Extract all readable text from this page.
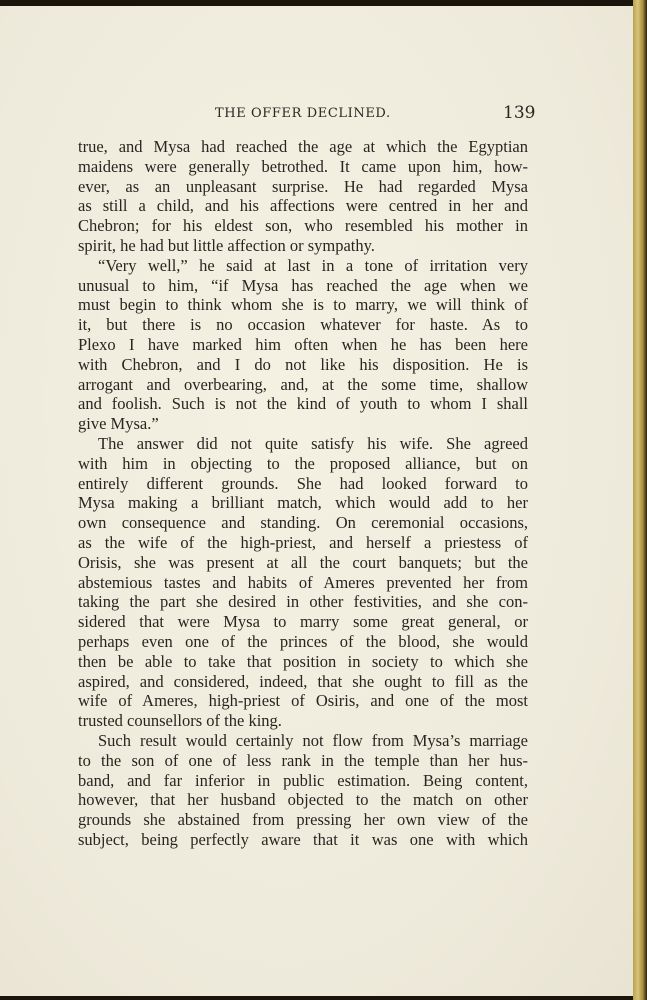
THE OFFER DECLINED.	139
true, and Mysa had reached the age at which the Egyptian
maidens were generally betrothed. It came upon him, how-
ever, as an unpleasant surprise. He had regarded Mysa
as still a child, and his affections were centred in her and
Chebron; for his eldest son, who resembled his mother in
spirit, he had but little affection or sympathy.
“Very well,” he said at last in a tone of irritation very
unusual to him, “if Mysa has reached the age when we
must begin to think whom she is to marry, we will think of
it, but there is no occasion whatever for haste. As to
Plexo I have marked him often when he has been here
with Chebron, and I do not like his disposition. He is
arrogant and overbearing, and, at the some time, shallow
and foolish. Such is not the kind of youth to whom I shall
give Mysa.”
The answer did not quite satisfy his wife. She agreed
with him in objecting to the proposed alliance, but on
entirely different grounds. She had looked forward to
Mysa making a brilliant match, which would add to her
own consequence and standing. On ceremonial occasions,
as the wife of the high-priest, and herself a priestess of
Orisis, she was present at all the court banquets; but the
abstemious tastes and habits of Ameres prevented her from
taking the part she desired in other festivities, and she con-
sidered that were Mysa to marry some great general, or
perhaps even one of the princes of the blood, she would
then be able to take that position in society to which she
aspired, and considered, indeed, that she ought to fill as the
wife of Ameres, high-priest of Osiris, and one of the most
trusted counsellors of the king.
Such result would certainly not flow from Mysa’s marriage
to the son of one of less rank in the temple than her hus-
band, and far inferior in public estimation. Being content,
however, that her husband objected to the match on other
grounds she abstained from pressing her own view of the
subject, being perfectly aware that it was one with which
